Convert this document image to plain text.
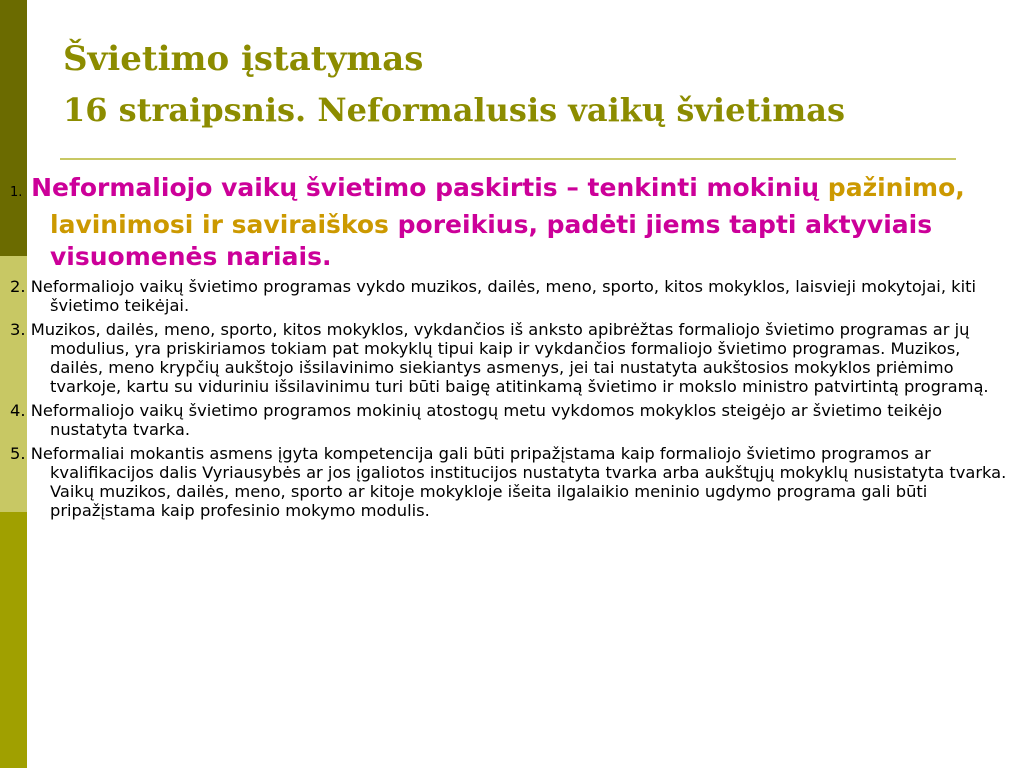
Švietimo įstatymas
16 straipsnis. Neformalusis vaikų švietimas

1. Neformaliojo vaikų švietimo paskirtis – tenkinti mokinių pažinimo, lavinimosi ir saviraiškos poreikius, padėti jiems tapti aktyviais visuomenės nariais.

2. Neformaliojo vaikų švietimo programas vykdo muzikos, dailės, meno, sporto, kitos mokyklos, laisvieji mokytojai, kiti švietimo teikėjai.

3. Muzikos, dailės, meno, sporto, kitos mokyklos, vykdančios iš anksto apibrėžtas formaliojo švietimo programas ar jų modulius, yra priskiriamos tokiam pat mokyklų tipui kaip ir vykdančios formaliojo švietimo programas. Muzikos, dailės, meno krypčių aukštojo išsilavinimo siekiantys asmenys, jei tai nustatyta aukštosios mokyklos priėmimo tvarkoje, kartu su viduriniu išsilavinimu turi būti baigę atitinkamą švietimo ir mokslo ministro patvirtintą programą.

4. Neformaliojo vaikų švietimo programos mokinių atostogų metu vykdomos mokyklos steigėjo ar švietimo teikėjo nustatyta tvarka.

5. Neformaliai mokantis asmens įgyta kompetencija gali būti pripažįstama kaip formaliojo švietimo programos ar kvalifikacijos dalis Vyriausybės ar jos įgaliotos institucijos nustatyta tvarka arba aukštųjų mokyklų nusistatyta tvarka. Vaikų muzikos, dailės, meno, sporto ar kitoje mokykloje išeita ilgalaikio meninio ugdymo programa gali būti pripažįstama kaip profesinio mokymo modulis.
